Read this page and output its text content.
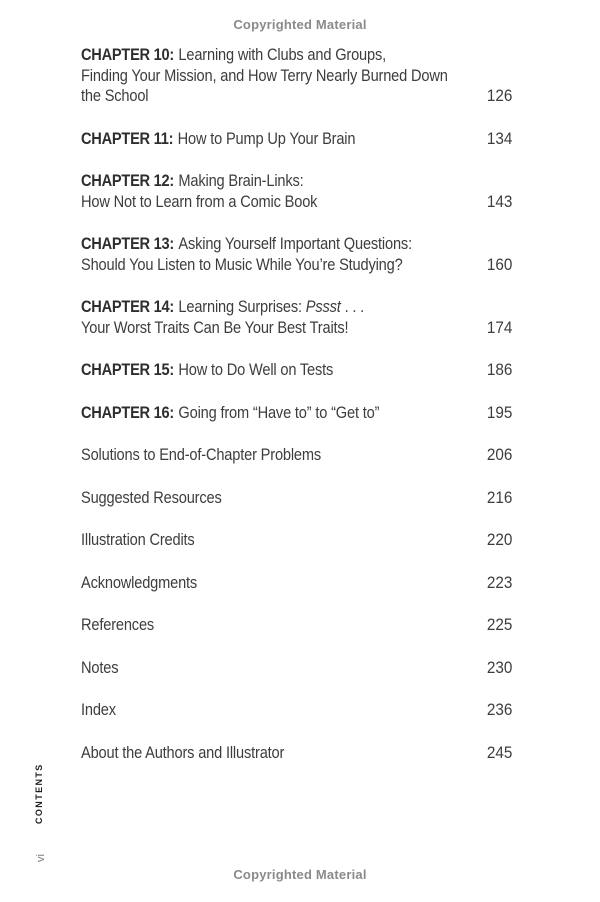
Copyrighted Material
CHAPTER 10: Learning with Clubs and Groups,
Finding Your Mission, and How Terry Nearly Burned Down
the School	126
CHAPTER 11: How to Pump Up Your Brain	134
CHAPTER 12: Making Brain-Links:
How Not to Learn from a Comic Book	143
CHAPTER 13: Asking Yourself Important Questions:
Should You Listen to Music While You’re Studying?	160
CHAPTER 14: Learning Surprises: Pssst . . .
Your Worst Traits Can Be Your Best Traits!	174
CHAPTER 15: How to Do Well on Tests	186
CHAPTER 16: Going from “Have to” to “Get to”	195
Solutions to End-of-Chapter Problems	206
Suggested Resources	216
Illustration Credits	220
Acknowledgments	223
References	225
Notes	230
Index	236
About the Authors and Illustrator	245
CONTENTS
vi
Copyrighted Material
